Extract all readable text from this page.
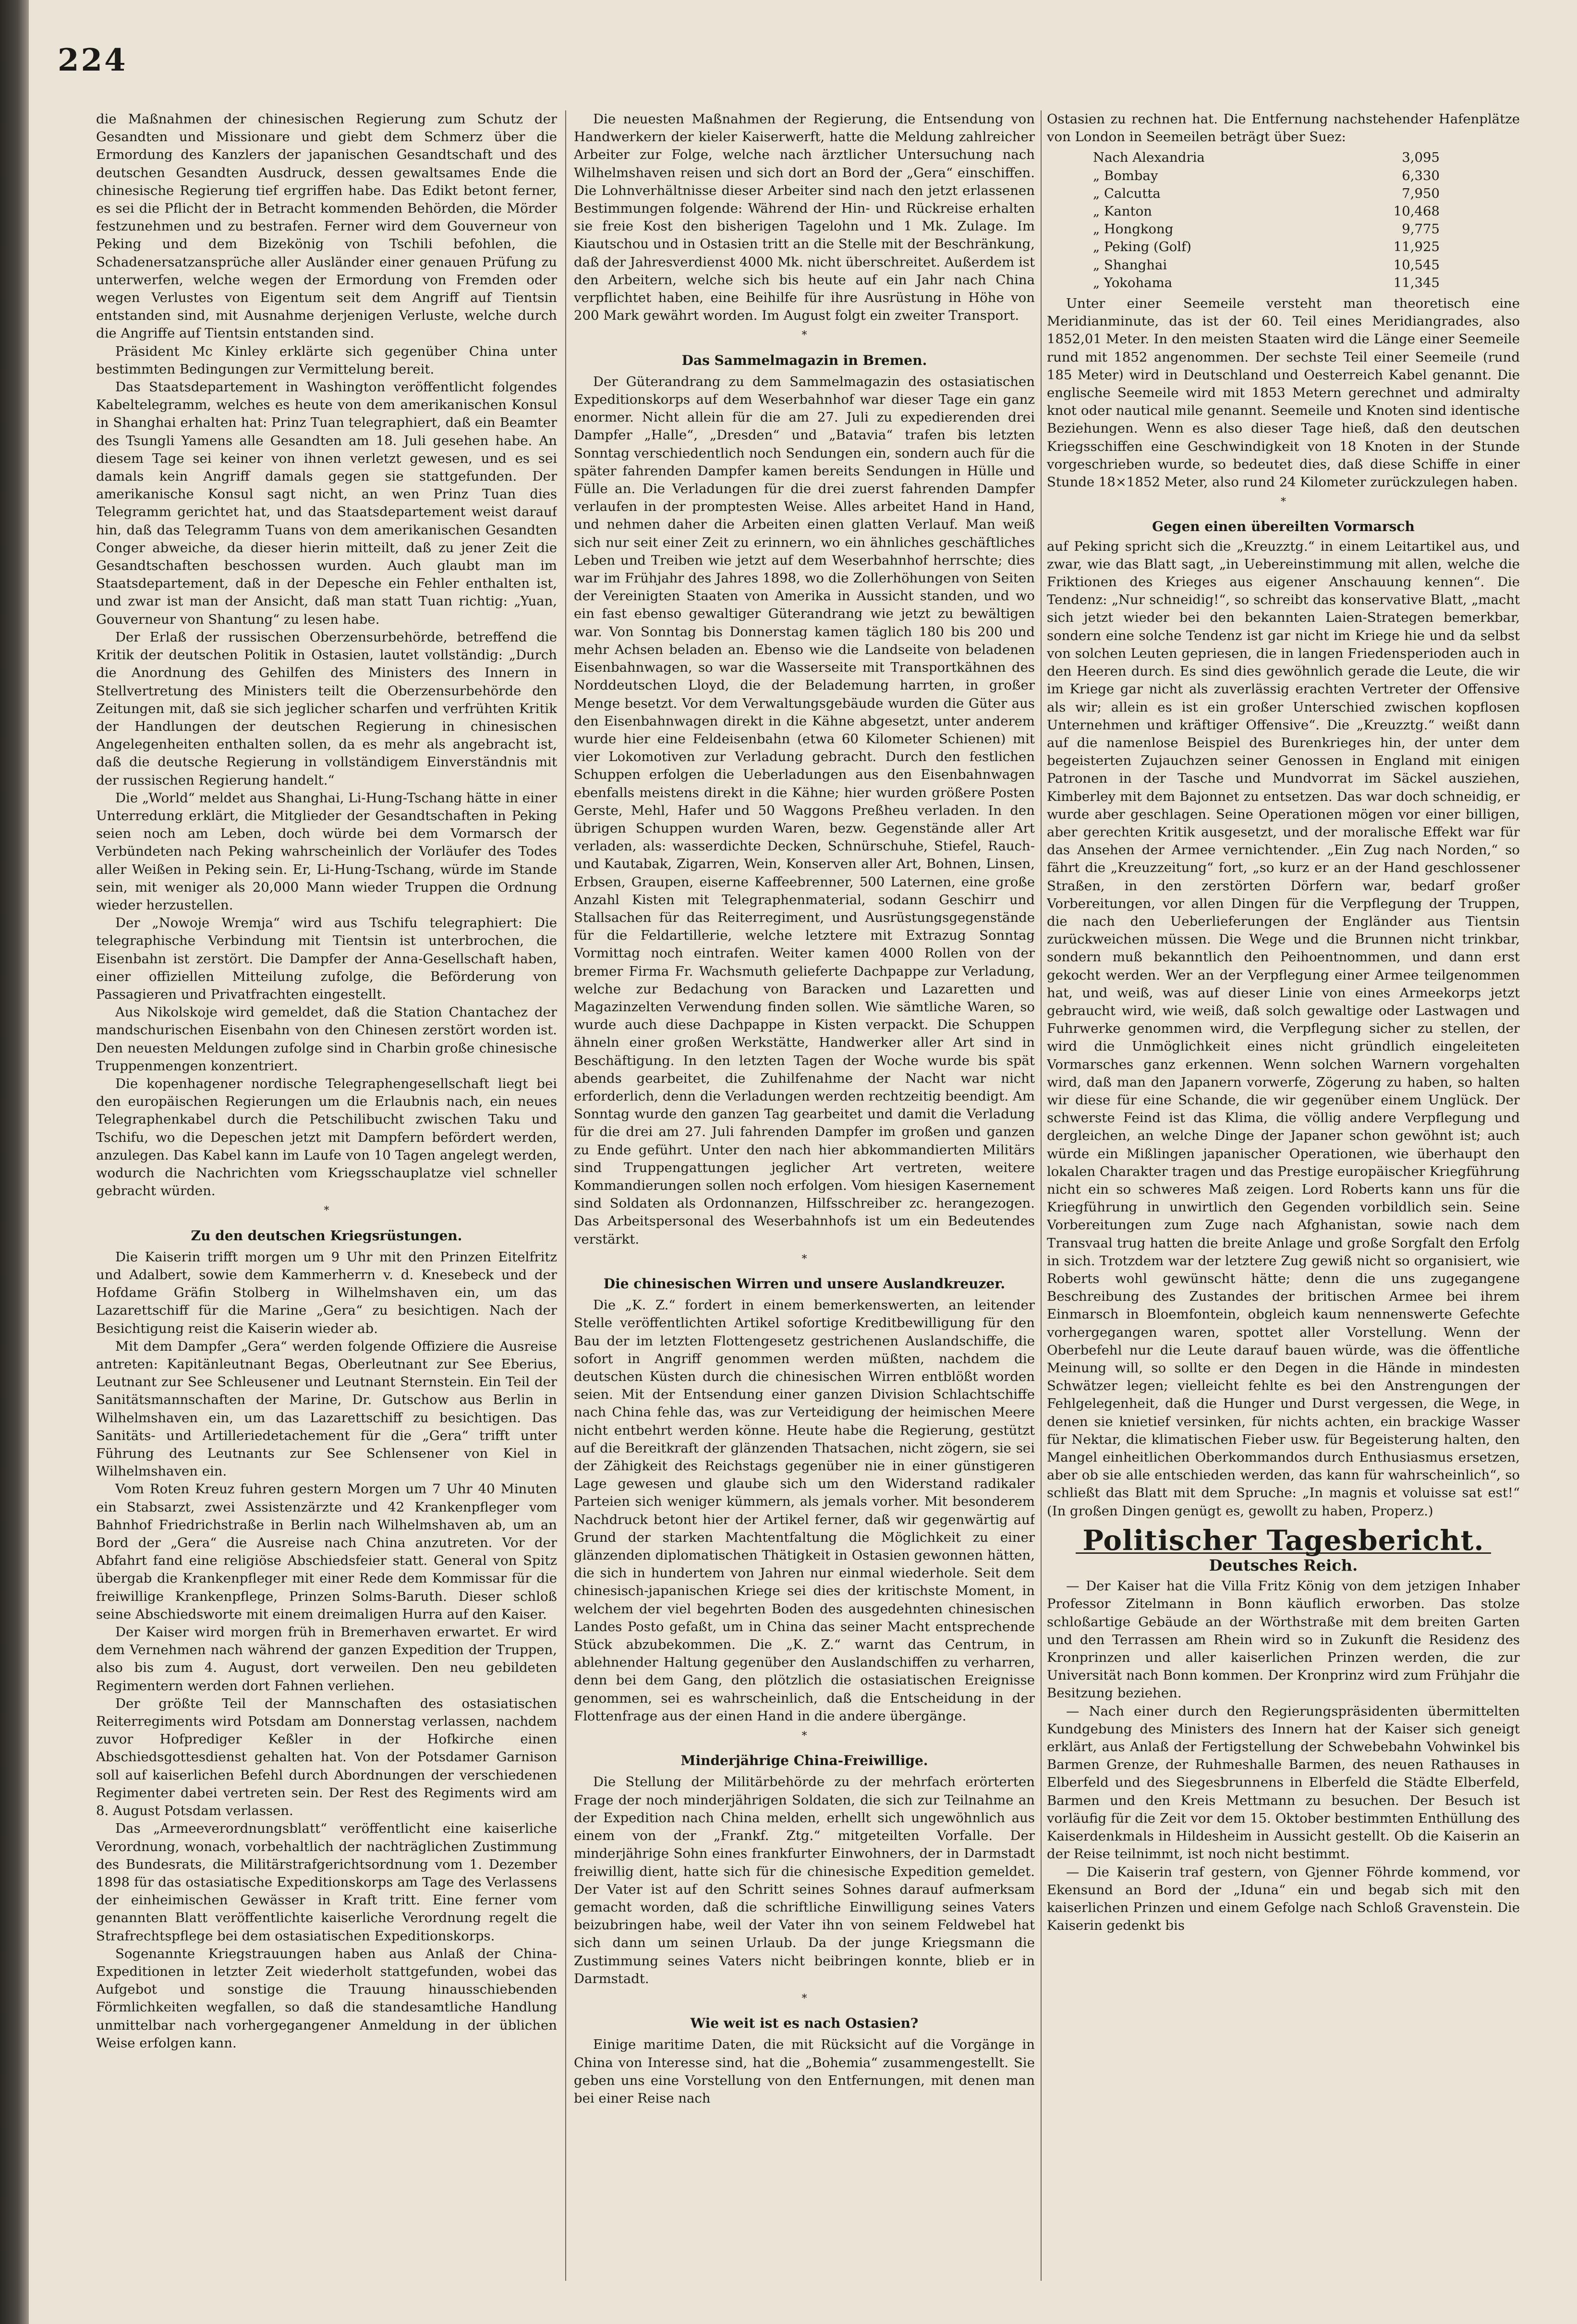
224

die Maßnahmen der chinesischen Regierung zum Schutz der Gesandten und Missionare und giebt dem Schmerz über die Ermordung des Kanzlers der japanischen Gesandtschaft und des deutschen Gesandten Ausdruck, dessen gewaltsames Ende die chinesische Regierung tief ergriffen habe. Das Edikt betont ferner, es sei die Pflicht der in Betracht kommenden Behörden, die Mörder festzunehmen und zu bestrafen. Ferner wird dem Gouverneur von Peking und dem Bizekönig von Tschili befohlen, die Schadenersatzansprüche aller Ausländer einer genauen Prüfung zu unterwerfen, welche wegen der Ermordung von Fremden oder wegen Verlustes von Eigentum seit dem Angriff auf Tientsin entstanden sind, mit Ausnahme derjenigen Verluste, welche durch die Angriffe auf Tientsin entstanden sind.

Präsident Mc Kinley erklärte sich gegenüber China unter bestimmten Bedingungen zur Vermittelung bereit.

Das Staatsdepartement in Washington veröffentlicht folgendes Kabeltelegramm, welches es heute von dem amerikanischen Konsul in Shanghai erhalten hat: Prinz Tuan telegraphiert, daß ein Beamter des Tsungli Yamens alle Gesandten am 18. Juli gesehen habe. An diesem Tage sei keiner von ihnen verletzt gewesen, und es sei damals kein Angriff damals gegen sie stattgefunden. Der amerikanische Konsul sagt nicht, an wen Prinz Tuan dies Telegramm gerichtet hat, und das Staatsdepartement weist darauf hin, daß das Telegramm Tuans von dem amerikanischen Gesandten Conger abweiche, da dieser hierin mitteilt, daß zu jener Zeit die Gesandtschaften beschossen wurden. Auch glaubt man im Staatsdepartement, daß in der Depesche ein Fehler enthalten ist, und zwar ist man der Ansicht, daß man statt Tuan richtig: „Yuan, Gouverneur von Shantung“ zu lesen habe.

Der Erlaß der russischen Oberzensurbehörde, betreffend die Kritik der deutschen Politik in Ostasien, lautet vollständig: „Durch die Anordnung des Gehilfen des Ministers des Innern in Stellvertretung des Ministers teilt die Oberzensurbehörde den Zeitungen mit, daß sie sich jeglicher scharfen und verfrühten Kritik der Handlungen der deutschen Regierung in chinesischen Angelegenheiten enthalten sollen, da es mehr als angebracht ist, daß die deutsche Regierung in vollständigem Einverständnis mit der russischen Regierung handelt.“

Die „World“ meldet aus Shanghai, Li-Hung-Tschang hätte in einer Unterredung erklärt, die Mitglieder der Gesandtschaften in Peking seien noch am Leben, doch würde bei dem Vormarsch der Verbündeten nach Peking wahrscheinlich der Vorläufer des Todes aller Weißen in Peking sein. Er, Li-Hung-Tschang, würde im Stande sein, mit weniger als 20,000 Mann wieder Truppen die Ordnung wieder herzustellen.

Der „Nowoje Wremja“ wird aus Tschifu telegraphiert: Die telegraphische Verbindung mit Tientsin ist unterbrochen, die Eisenbahn ist zerstört. Die Dampfer der Anna-Gesellschaft haben, einer offiziellen Mitteilung zufolge, die Beförderung von Passagieren und Privatfrachten eingestellt.

Aus Nikolskoje wird gemeldet, daß die Station Chantachez der mandschurischen Eisenbahn von den Chinesen zerstört worden ist. Den neuesten Meldungen zufolge sind in Charbin große chinesische Truppenmengen konzentriert.

Die kopenhagener nordische Telegraphengesellschaft liegt bei den europäischen Regierungen um die Erlaubnis nach, ein neues Telegraphenkabel durch die Petschilibucht zwischen Taku und Tschifu, wo die Depeschen jetzt mit Dampfern befördert werden, anzulegen. Das Kabel kann im Laufe von 10 Tagen angelegt werden, wodurch die Nachrichten vom Kriegsschauplatze viel schneller gebracht würden.

*
Zu den deutschen Kriegsrüstungen.

Die Kaiserin trifft morgen um 9 Uhr mit den Prinzen Eitelfritz und Adalbert, sowie dem Kammerherrn v. d. Knesebeck und der Hofdame Gräfin Stolberg in Wilhelmshaven ein, um das Lazarettschiff für die Marine „Gera“ zu besichtigen. Nach der Besichtigung reist die Kaiserin wieder ab.

Mit dem Dampfer „Gera“ werden folgende Offiziere die Ausreise antreten: Kapitänleutnant Begas, Oberleutnant zur See Eberius, Leutnant zur See Schleusener und Leutnant Sternstein. Ein Teil der Sanitätsmannschaften der Marine, Dr. Gutschow aus Berlin in Wilhelmshaven ein, um das Lazarettschiff zu besichtigen. Das Sanitäts- und Artilleriedetachement für die „Gera“ trifft unter Führung des Leutnants zur See Schlensener von Kiel in Wilhelmshaven ein.

Vom Roten Kreuz fuhren gestern Morgen um 7 Uhr 40 Minuten ein Stabsarzt, zwei Assistenzärzte und 42 Krankenpfleger vom Bahnhof Friedrichstraße in Berlin nach Wilhelmshaven ab, um an Bord der „Gera“ die Ausreise nach China anzutreten. Vor der Abfahrt fand eine religiöse Abschiedsfeier statt. General von Spitz übergab die Krankenpfleger mit einer Rede dem Kommissar für die freiwillige Krankenpflege, Prinzen Solms-Baruth. Dieser schloß seine Abschiedsworte mit einem dreimaligen Hurra auf den Kaiser.

Der Kaiser wird morgen früh in Bremerhaven erwartet. Er wird dem Vernehmen nach während der ganzen Expedition der Truppen, also bis zum 4. August, dort verweilen. Den neu gebildeten Regimentern werden dort Fahnen verliehen.

Der größte Teil der Mannschaften des ostasiatischen Reiterregiments wird Potsdam am Donnerstag verlassen, nachdem zuvor Hofprediger Keßler in der Hofkirche einen Abschiedsgottesdienst gehalten hat. Von der Potsdamer Garnison soll auf kaiserlichen Befehl durch Abordnungen der verschiedenen Regimenter dabei vertreten sein. Der Rest des Regiments wird am 8. August Potsdam verlassen.

Das „Armeeverordnungsblatt“ veröffentlicht eine kaiserliche Verordnung, wonach, vorbehaltlich der nachträglichen Zustimmung des Bundesrats, die Militärstrafgerichtsordnung vom 1. Dezember 1898 für das ostasiatische Expeditionskorps am Tage des Verlassens der einheimischen Gewässer in Kraft tritt. Eine ferner vom genannten Blatt veröffentlichte kaiserliche Verordnung regelt die Strafrechtspflege bei dem ostasiatischen Expeditionskorps.

Sogenannte Kriegstrauungen haben aus Anlaß der China-Expeditionen in letzter Zeit wiederholt stattgefunden, wobei das Aufgebot und sonstige die Trauung hinausschiebenden Förmlichkeiten wegfallen, so daß die standesamtliche Handlung unmittelbar nach vorhergegangener Anmeldung in der üblichen Weise erfolgen kann.

Die neuesten Maßnahmen der Regierung, die Entsendung von Handwerkern der kieler Kaiserwerft, hatte die Meldung zahlreicher Arbeiter zur Folge, welche nach ärztlicher Untersuchung nach Wilhelmshaven reisen und sich dort an Bord der „Gera“ einschiffen. Die Lohnverhältnisse dieser Arbeiter sind nach den jetzt erlassenen Bestimmungen folgende: Während der Hin- und Rückreise erhalten sie freie Kost den bisherigen Tagelohn und 1 Mk. Zulage. Im Kiautschou und in Ostasien tritt an die Stelle mit der Beschränkung, daß der Jahresverdienst 4000 Mk. nicht überschreitet. Außerdem ist den Arbeitern, welche sich bis heute auf ein Jahr nach China verpflichtet haben, eine Beihilfe für ihre Ausrüstung in Höhe von 200 Mark gewährt worden. Im August folgt ein zweiter Transport.

*
Das Sammelmagazin in Bremen.

Der Güterandrang zu dem Sammelmagazin des ostasiatischen Expeditionskorps auf dem Weserbahnhof war dieser Tage ein ganz enormer. Nicht allein für die am 27. Juli zu expedierenden drei Dampfer „Halle“, „Dresden“ und „Batavia“ trafen bis letzten Sonntag verschiedentlich noch Sendungen ein, sondern auch für die später fahrenden Dampfer kamen bereits Sendungen in Hülle und Fülle an. Die Verladungen für die drei zuerst fahrenden Dampfer verlaufen in der promptesten Weise. Alles arbeitet Hand in Hand, und nehmen daher die Arbeiten einen glatten Verlauf. Man weiß sich nur seit einer Zeit zu erinnern, wo ein ähnliches geschäftliches Leben und Treiben wie jetzt auf dem Weserbahnhof herrschte; dies war im Frühjahr des Jahres 1898, wo die Zollerhöhungen von Seiten der Vereinigten Staaten von Amerika in Aussicht standen, und wo ein fast ebenso gewaltiger Güterandrang wie jetzt zu bewältigen war. Von Sonntag bis Donnerstag kamen täglich 180 bis 200 und mehr Achsen beladen an. Ebenso wie die Landseite von beladenen Eisenbahnwagen, so war die Wasserseite mit Transportkähnen des Norddeutschen Lloyd, die der Belademung harrten, in großer Menge besetzt. Vor dem Verwaltungsgebäude wurden die Güter aus den Eisenbahnwagen direkt in die Kähne abgesetzt, unter anderem wurde hier eine Feldeisenbahn (etwa 60 Kilometer Schienen) mit vier Lokomotiven zur Verladung gebracht. Durch den festlichen Schuppen erfolgen die Ueberladungen aus den Eisenbahnwagen ebenfalls meistens direkt in die Kähne; hier wurden größere Posten Gerste, Mehl, Hafer und 50 Waggons Preßheu verladen. In den übrigen Schuppen wurden Waren, bezw. Gegenstände aller Art verladen, als: wasserdichte Decken, Schnürschuhe, Stiefel, Rauch- und Kautabak, Zigarren, Wein, Konserven aller Art, Bohnen, Linsen, Erbsen, Graupen, eiserne Kaffeebrenner, 500 Laternen, eine große Anzahl Kisten mit Telegraphenmaterial, sodann Geschirr und Stallsachen für das Reiterregiment, und Ausrüstungsgegenstände für die Feldartillerie, welche letztere mit Extrazug Sonntag Vormittag noch eintrafen. Weiter kamen 4000 Rollen von der bremer Firma Fr. Wachsmuth gelieferte Dachpappe zur Verladung, welche zur Bedachung von Baracken und Lazaretten und Magazinzelten Verwendung finden sollen. Wie sämtliche Waren, so wurde auch diese Dachpappe in Kisten verpackt. Die Schuppen ähneln einer großen Werkstätte, Handwerker aller Art sind in Beschäftigung. In den letzten Tagen der Woche wurde bis spät abends gearbeitet, die Zuhilfenahme der Nacht war nicht erforderlich, denn die Verladungen werden rechtzeitig beendigt. Am Sonntag wurde den ganzen Tag gearbeitet und damit die Verladung für die drei am 27. Juli fahrenden Dampfer im großen und ganzen zu Ende geführt. Unter den nach hier abkommandierten Militärs sind Truppengattungen jeglicher Art vertreten, weitere Kommandierungen sollen noch erfolgen. Vom hiesigen Kasernement sind Soldaten als Ordonnanzen, Hilfsschreiber zc. herangezogen. Das Arbeitspersonal des Weserbahnhofs ist um ein Bedeutendes verstärkt.

*
Die chinesischen Wirren und unsere Auslandkreuzer.

Die „K. Z.“ fordert in einem bemerkenswerten, an leitender Stelle veröffentlichten Artikel sofortige Kreditbewilligung für den Bau der im letzten Flottengesetz gestrichenen Auslandschiffe, die sofort in Angriff genommen werden müßten, nachdem die deutschen Küsten durch die chinesischen Wirren entblößt worden seien. Mit der Entsendung einer ganzen Division Schlachtschiffe nach China fehle das, was zur Verteidigung der heimischen Meere nicht entbehrt werden könne. Heute habe die Regierung, gestützt auf die Bereitkraft der glänzenden Thatsachen, nicht zögern, sie sei der Zähigkeit des Reichstags gegenüber nie in einer günstigeren Lage gewesen und glaube sich um den Widerstand radikaler Parteien sich weniger kümmern, als jemals vorher. Mit besonderem Nachdruck betont hier der Artikel ferner, daß wir gegenwärtig auf Grund der starken Machtentfaltung die Möglichkeit zu einer glänzenden diplomatischen Thätigkeit in Ostasien gewonnen hätten, die sich in hundertem von Jahren nur einmal wiederhole. Seit dem chinesisch-japanischen Kriege sei dies der kritischste Moment, in welchem der viel begehrten Boden des ausgedehnten chinesischen Landes Posto gefaßt, um in China das seiner Macht entsprechende Stück abzubekommen. Die „K. Z.“ warnt das Centrum, in ablehnender Haltung gegenüber den Auslandschiffen zu verharren, denn bei dem Gang, den plötzlich die ostasiatischen Ereignisse genommen, sei es wahrscheinlich, daß die Entscheidung in der Flottenfrage aus der einen Hand in die andere übergänge.

*
Minderjährige China-Freiwillige.

Die Stellung der Militärbehörde zu der mehrfach erörterten Frage der noch minderjährigen Soldaten, die sich zur Teilnahme an der Expedition nach China melden, erhellt sich ungewöhnlich aus einem von der „Frankf. Ztg.“ mitgeteilten Vorfalle. Der minderjährige Sohn eines frankfurter Einwohners, der in Darmstadt freiwillig dient, hatte sich für die chinesische Expedition gemeldet. Der Vater ist auf den Schritt seines Sohnes darauf aufmerksam gemacht worden, daß die schriftliche Einwilligung seines Vaters beizubringen habe, weil der Vater ihn von seinem Feldwebel hat sich dann um seinen Urlaub. Da der junge Kriegsmann die Zustimmung seines Vaters nicht beibringen konnte, blieb er in Darmstadt.

*
Wie weit ist es nach Ostasien?

Einige maritime Daten, die mit Rücksicht auf die Vorgänge in China von Interesse sind, hat die „Bohemia“ zusammengestellt. Sie geben uns eine Vorstellung von den Entfernungen, mit denen man bei einer Reise nach

Ostasien zu rechnen hat. Die Entfernung nachstehender Hafenplätze von London in Seemeilen beträgt über Suez:

Nach Alexandria	3,095
„ Bombay	6,330
„ Calcutta	7,950
„ Kanton	10,468
„ Hongkong	9,775
„ Peking (Golf)	11,925
„ Shanghai	10,545
„ Yokohama	11,345

Unter einer Seemeile versteht man theoretisch eine Meridianminute, das ist der 60. Teil eines Meridiangrades, also 1852,01 Meter. In den meisten Staaten wird die Länge einer Seemeile rund mit 1852 angenommen. Der sechste Teil einer Seemeile (rund 185 Meter) wird in Deutschland und Oesterreich Kabel genannt. Die englische Seemeile wird mit 1853 Metern gerechnet und admiralty knot oder nautical mile genannt. Seemeile und Knoten sind identische Beziehungen. Wenn es also dieser Tage hieß, daß den deutschen Kriegsschiffen eine Geschwindigkeit von 18 Knoten in der Stunde vorgeschrieben wurde, so bedeutet dies, daß diese Schiffe in einer Stunde 18×1852 Meter, also rund 24 Kilometer zurückzulegen haben.

*
Gegen einen übereilten Vormarsch

auf Peking spricht sich die „Kreuzztg.“ in einem Leitartikel aus, und zwar, wie das Blatt sagt, „in Uebereinstimmung mit allen, welche die Friktionen des Krieges aus eigener Anschauung kennen“. Die Tendenz: „Nur schneidig!“, so schreibt das konservative Blatt, „macht sich jetzt wieder bei den bekannten Laien-Strategen bemerkbar, sondern eine solche Tendenz ist gar nicht im Kriege hie und da selbst von solchen Leuten gepriesen, die in langen Friedensperioden auch in den Heeren durch. Es sind dies gewöhnlich gerade die Leute, die wir im Kriege gar nicht als zuverlässig erachten Vertreter der Offensive als wir; allein es ist ein großer Unterschied zwischen kopflosen Unternehmen und kräftiger Offensive“. Die „Kreuzztg.“ weißt dann auf die namenlose Beispiel des Burenkrieges hin, der unter dem begeisterten Zujauchzen seiner Genossen in England mit einigen Patronen in der Tasche und Mundvorrat im Säckel ausziehen, Kimberley mit dem Bajonnet zu entsetzen. Das war doch schneidig, er wurde aber geschlagen. Seine Operationen mögen vor einer billigen, aber gerechten Kritik ausgesetzt, und der moralische Effekt war für das Ansehen der Armee vernichtender. „Ein Zug nach Norden,“ so fährt die „Kreuzzeitung“ fort, „so kurz er an der Hand geschlossener Straßen, in den zerstörten Dörfern war, bedarf großer Vorbereitungen, vor allen Dingen für die Verpflegung der Truppen, die nach den Ueberlieferungen der Engländer aus Tientsin zurückweichen müssen. Die Wege und die Brunnen nicht trinkbar, sondern muß bekanntlich den Peihoentnommen, und dann erst gekocht werden. Wer an der Verpflegung einer Armee teilgenommen hat, und weiß, was auf dieser Linie von eines Armeekorps jetzt gebraucht wird, wie weiß, daß solch gewaltige oder Lastwagen und Fuhrwerke genommen wird, die Verpflegung sicher zu stellen, der wird die Unmöglichkeit eines nicht gründlich eingeleiteten Vormarsches ganz erkennen. Wenn solchen Warnern vorgehalten wird, daß man den Japanern vorwerfe, Zögerung zu haben, so halten wir diese für eine Schande, die wir gegenüber einem Unglück. Der schwerste Feind ist das Klima, die völlig andere Verpflegung und dergleichen, an welche Dinge der Japaner schon gewöhnt ist; auch würde ein Mißlingen japanischer Operationen, wie überhaupt den lokalen Charakter tragen und das Prestige europäischer Kriegführung nicht ein so schweres Maß zeigen. Lord Roberts kann uns für die Kriegführung in unwirtlich den Gegenden vorbildlich sein. Seine Vorbereitungen zum Zuge nach Afghanistan, sowie nach dem Transvaal trug hatten die breite Anlage und große Sorgfalt den Erfolg in sich. Trotzdem war der letztere Zug gewiß nicht so organisiert, wie Roberts wohl gewünscht hätte; denn die uns zugegangene Beschreibung des Zustandes der britischen Armee bei ihrem Einmarsch in Bloemfontein, obgleich kaum nennenswerte Gefechte vorhergegangen waren, spottet aller Vorstellung. Wenn der Oberbefehl nur die Leute darauf bauen würde, was die öffentliche Meinung will, so sollte er den Degen in die Hände in mindesten Schwätzer legen; vielleicht fehlte es bei den Anstrengungen der Fehlgelegenheit, daß die Hunger und Durst vergessen, die Wege, in denen sie knietief versinken, für nichts achten, ein brackige Wasser für Nektar, die klimatischen Fieber usw. für Begeisterung halten, den Mangel einheitlichen Oberkommandos durch Enthusiasmus ersetzen, aber ob sie alle entschieden werden, das kann für wahrscheinlich“, so schließt das Blatt mit dem Spruche: „In magnis et voluisse sat est!“ (In großen Dingen genügt es, gewollt zu haben, Properz.)

Politischer Tagesbericht.
Deutsches Reich.

— Der Kaiser hat die Villa Fritz König von dem jetzigen Inhaber Professor Zitelmann in Bonn käuflich erworben. Das stolze schloßartige Gebäude an der Wörthstraße mit dem breiten Garten und den Terrassen am Rhein wird so in Zukunft die Residenz des Kronprinzen und aller kaiserlichen Prinzen werden, die zur Universität nach Bonn kommen. Der Kronprinz wird zum Frühjahr die Besitzung beziehen.

— Nach einer durch den Regierungspräsidenten übermittelten Kundgebung des Ministers des Innern hat der Kaiser sich geneigt erklärt, aus Anlaß der Fertigstellung der Schwebebahn Vohwinkel bis Barmen Grenze, der Ruhmeshalle Barmen, des neuen Rathauses in Elberfeld und des Siegesbrunnens in Elberfeld die Städte Elberfeld, Barmen und den Kreis Mettmann zu besuchen. Der Besuch ist vorläufig für die Zeit vor dem 15. Oktober bestimmten Enthüllung des Kaiserdenkmals in Hildesheim in Aussicht gestellt. Ob die Kaiserin an der Reise teilnimmt, ist noch nicht bestimmt.

— Die Kaiserin traf gestern, von Gjenner Föhrde kommend, vor Ekensund an Bord der „Iduna“ ein und begab sich mit den kaiserlichen Prinzen und einem Gefolge nach Schloß Gravenstein. Die Kaiserin gedenkt bis
